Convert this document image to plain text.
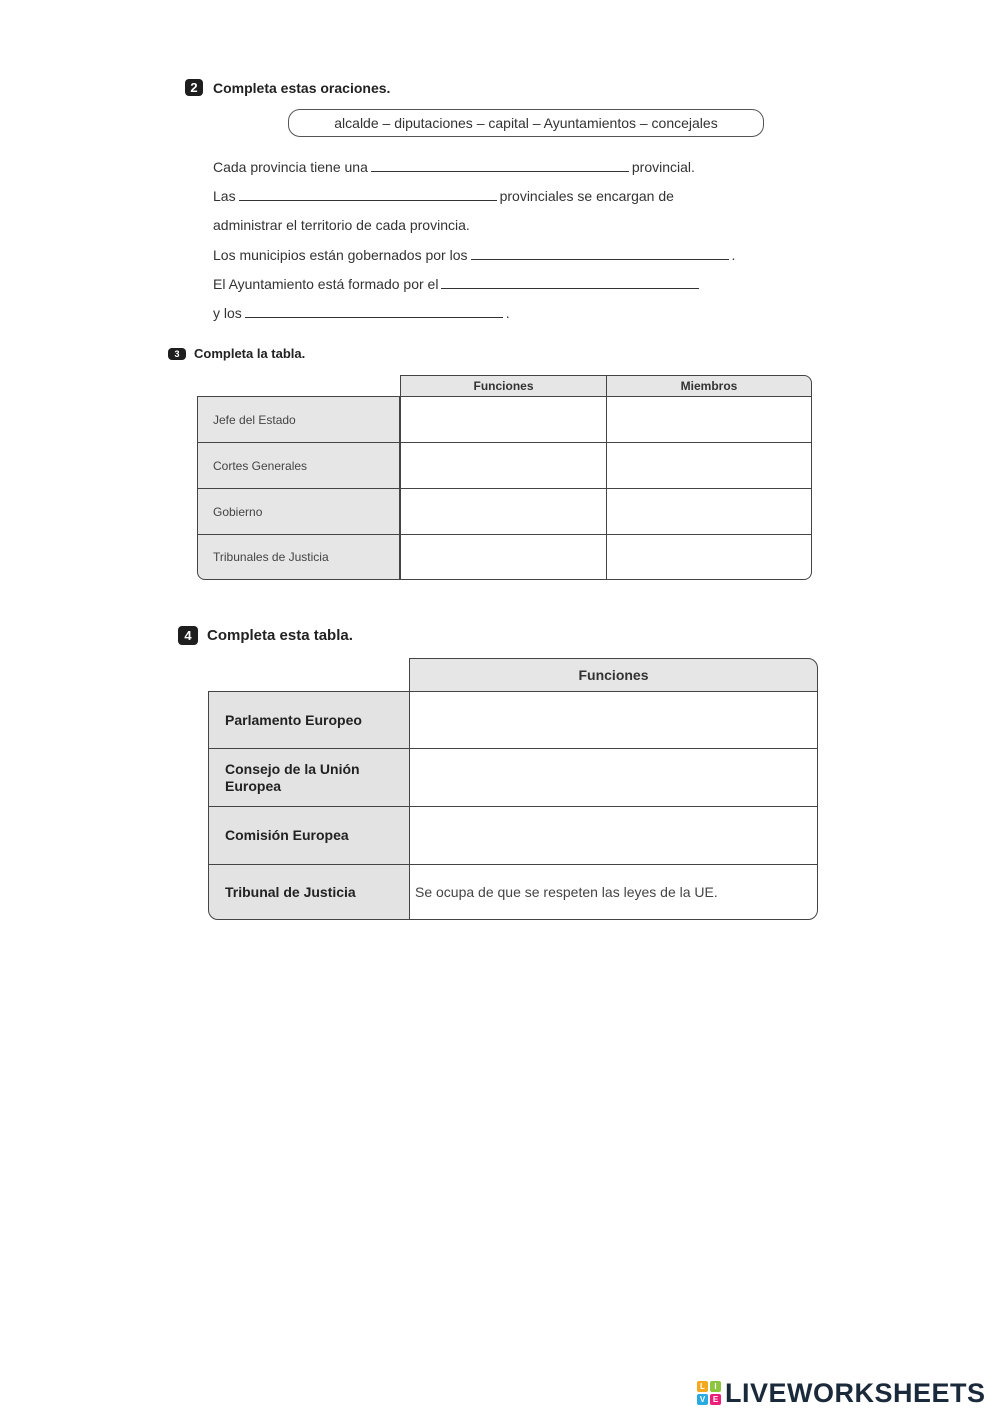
2	Completa estas oraciones.
alcalde – diputaciones – capital – Ayuntamientos – concejales
Cada provincia tiene una	provincial.
Las	provinciales se encargan de
administrar el territorio de cada provincia.
Los municipios están gobernados por los	.
El Ayuntamiento está formado por el
y los	.
3	Completa la tabla.
Funciones	Miembros
Jefe del Estado
Cortes Generales
Gobierno
Tribunales de Justicia
4	Completa esta tabla.
Funciones
Parlamento Europeo
Consejo de la Unión Europea
Comisión Europea
Tribunal de Justicia	Se ocupa de que se respeten las leyes de la UE.
L	I
V E LIVEWORKSHEETS
